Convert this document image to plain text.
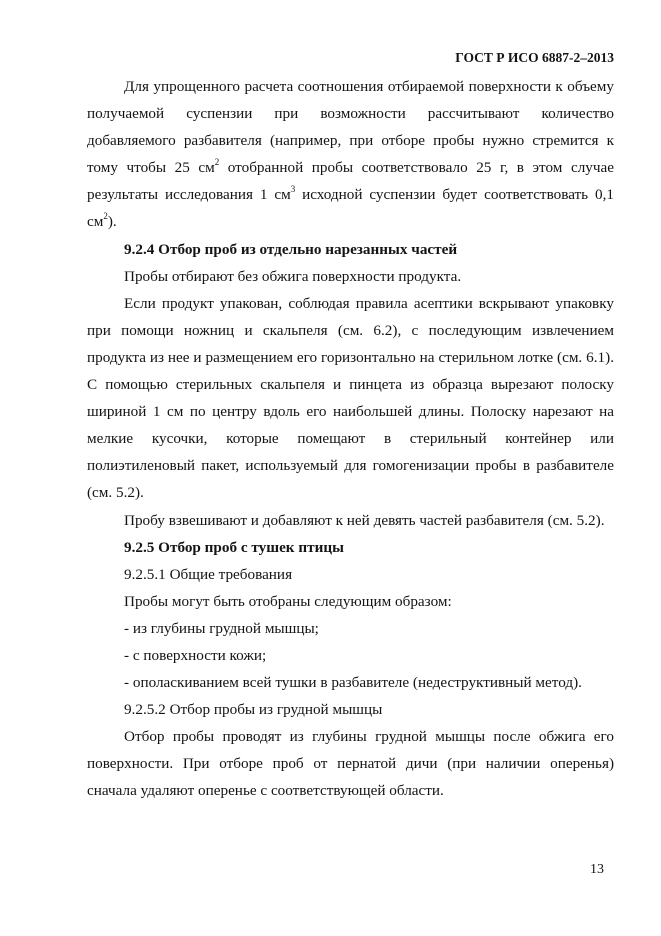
ГОСТ Р ИСО 6887-2–2013

Для упрощенного расчета соотношения отбираемой поверхности к объему получаемой суспензии при возможности рассчитывают количество добавляемого разбавителя (например, при отборе пробы нужно стремится к тому чтобы 25 $см^2$ отобранной пробы соответствовало 25 г, в этом случае результаты исследования 1 $см^3$ исходной суспензии будет соответствовать 0,1 $см^2$).

9.2.4 Отбор проб из отдельно нарезанных частей

Пробы отбирают без обжига поверхности продукта.

Если продукт упакован, соблюдая правила асептики вскрывают упаковку при помощи ножниц и скальпеля (см. 6.2), с последующим извлечением продукта из нее и размещением его горизонтально на стерильном лотке (см. 6.1). С помощью стерильных скальпеля и пинцета из образца вырезают полоску шириной 1 см по центру вдоль его наибольшей длины. Полоску нарезают на мелкие кусочки, которые помещают в стерильный контейнер или полиэтиленовый пакет, используемый для гомогенизации пробы в разбавителе (см. 5.2).

Пробу взвешивают и добавляют к ней девять частей разбавителя (см. 5.2).

9.2.5 Отбор проб с тушек птицы

9.2.5.1 Общие требования

Пробы могут быть отобраны следующим образом:

- из глубины грудной мышцы;

- с поверхности кожи;

- ополаскиванием всей тушки в разбавителе (недеструктивный метод).

9.2.5.2 Отбор пробы из грудной мышцы

Отбор пробы проводят из глубины грудной мышцы после обжига его поверхности. При отборе проб от пернатой дичи (при наличии оперенья) сначала удаляют оперенье с соответствующей области.

13
